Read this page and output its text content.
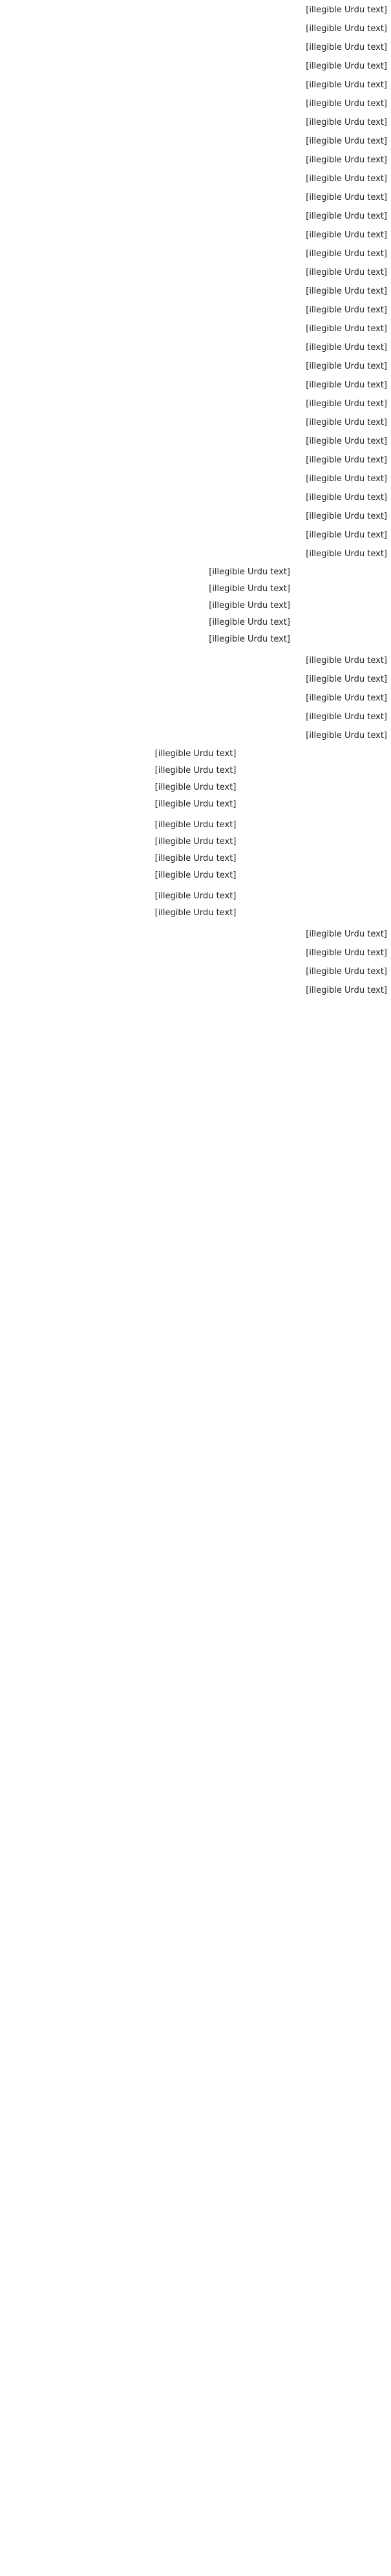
[illegible Urdu text]

[illegible Urdu text]

[illegible Urdu text]

[illegible Urdu text]

[illegible Urdu text]

[illegible Urdu text]

[illegible Urdu text]

[illegible Urdu text]

[illegible Urdu text]

[illegible Urdu text]

[illegible Urdu text]

[illegible Urdu text]

[illegible Urdu text]

[illegible Urdu text]

[illegible Urdu text]

[illegible Urdu text]

[illegible Urdu text]

[illegible Urdu text]

[illegible Urdu text]

[illegible Urdu text]

[illegible Urdu text]

[illegible Urdu text]

[illegible Urdu text]

[illegible Urdu text]

[illegible Urdu text]

[illegible Urdu text]

[illegible Urdu text]

[illegible Urdu text]

[illegible Urdu text]

[illegible Urdu text]

[illegible Urdu text]
[illegible Urdu text]
[illegible Urdu text]
[illegible Urdu text]
[illegible Urdu text]

[illegible Urdu text]

[illegible Urdu text]

[illegible Urdu text]

[illegible Urdu text]

[illegible Urdu text]

[illegible Urdu text]
[illegible Urdu text]
[illegible Urdu text]
[illegible Urdu text]
[illegible Urdu text]
[illegible Urdu text]
[illegible Urdu text]
[illegible Urdu text]
[illegible Urdu text]
[illegible Urdu text]

[illegible Urdu text]

[illegible Urdu text]

[illegible Urdu text]

[illegible Urdu text]
